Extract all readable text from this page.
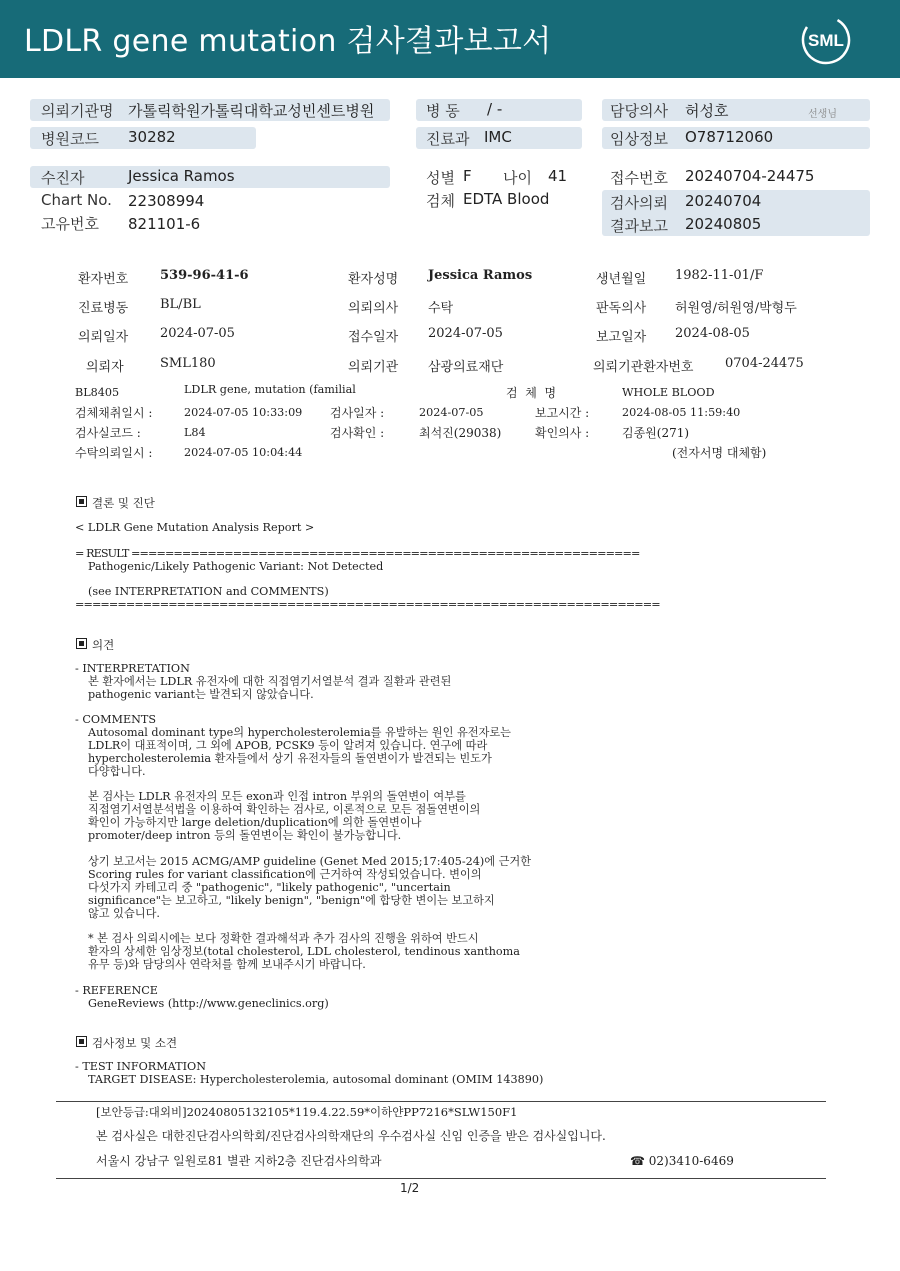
LDLR gene mutation 검사결과보고서	SML
의뢰기관명 가톨릭학원가톨릭대학교성빈센트병원
병원코드 30282
병 동 / -
진료과 IMC
담당의사 허성호	선생님
임상정보 O78712060
수진자	Jessica Ramos
Chart No. 22308994
고유번호 821101-6
성별 F 나이 41
검체 EDTA Blood
접수번호 20240704-24475
검사의뢰 20240704
결과보고 20240805
환자번호 539-96-41-6	환자성명 Jessica Ramos	생년월일 1982-11-01/F
진료병동 BL/BL	의뢰의사 수탁	판독의사 허원영/허원영/박형두
의뢰일자 2024-07-05	접수일자 2024-07-05	보고일자 2024-08-05
의뢰자	SML180	의뢰기관 삼광의료재단	의뢰기관환자번호 0704-24475
BL8405	LDLR gene, mutation (familial	검  체  명	WHOLE BLOOD
검체채취일시 :	2024-07-05 10:33:09 검사일자 :	2024-07-05	보고시간 :	2024-08-05 11:59:40
검사실코드 :	L84	검사확인 :	최석진(29038)	확인의사 :	김종원(271)
수탁의뢰일시 :	2024-07-05 10:04:44	(전자서명 대체함)
결론 및 진단
< LDLR Gene Mutation Analysis Report >
= RESULT ============================================================
Pathogenic/Likely Pathogenic Variant: Not Detected
(see INTERPRETATION and COMMENTS)
=====================================================================
의견
- INTERPRETATION
본 환자에서는 LDLR 유전자에 대한 직접염기서열분석 결과 질환과 관련된
pathogenic variant는 발견되지 않았습니다.
- COMMENTS
Autosomal dominant type의 hypercholesterolemia를 유발하는 원인 유전자로는
LDLR이 대표적이며, 그 외에 APOB, PCSK9 등이 알려져 있습니다. 연구에 따라
hypercholesterolemia 환자들에서 상기 유전자들의 돌연변이가 발견되는 빈도가
다양합니다.
본 검사는 LDLR 유전자의 모든 exon과 인접 intron 부위의 돌연변이 여부를
직접염기서열분석법을 이용하여 확인하는 검사로, 이론적으로 모든 점돌연변이의
확인이 가능하지만 large deletion/duplication에 의한 돌연변이나
promoter/deep intron 등의 돌연변이는 확인이 불가능합니다.
상기 보고서는 2015 ACMG/AMP guideline (Genet Med 2015;17:405-24)에 근거한
Scoring rules for variant classification에 근거하여 작성되었습니다. 변이의
다섯가지 카테고리 중 "pathogenic", "likely pathogenic", "uncertain
significance"는 보고하고, "likely benign", "benign"에 합당한 변이는 보고하지
않고 있습니다.
* 본 검사 의뢰시에는 보다 정확한 결과해석과 추가 검사의 진행을 위하여 반드시
환자의 상세한 임상정보(total cholesterol, LDL cholesterol, tendinous xanthoma
유무 등)와 담당의사 연락처를 함께 보내주시기 바랍니다.
- REFERENCE
GeneReviews (http://www.geneclinics.org)
검사정보 및 소견
- TEST INFORMATION
TARGET DISEASE: Hypercholesterolemia, autosomal dominant (OMIM 143890)
[보안등급:대외비]20240805132105*119.4.22.59*이하얀PP7216*SLW150F1
본 검사실은 대한진단검사의학회/진단검사의학재단의 우수검사실 신임 인증을 받은 검사실입니다.
서울시 강남구 일원로81 별관 지하2층 진단검사의학과	☎ 02)3410-6469
1/2
